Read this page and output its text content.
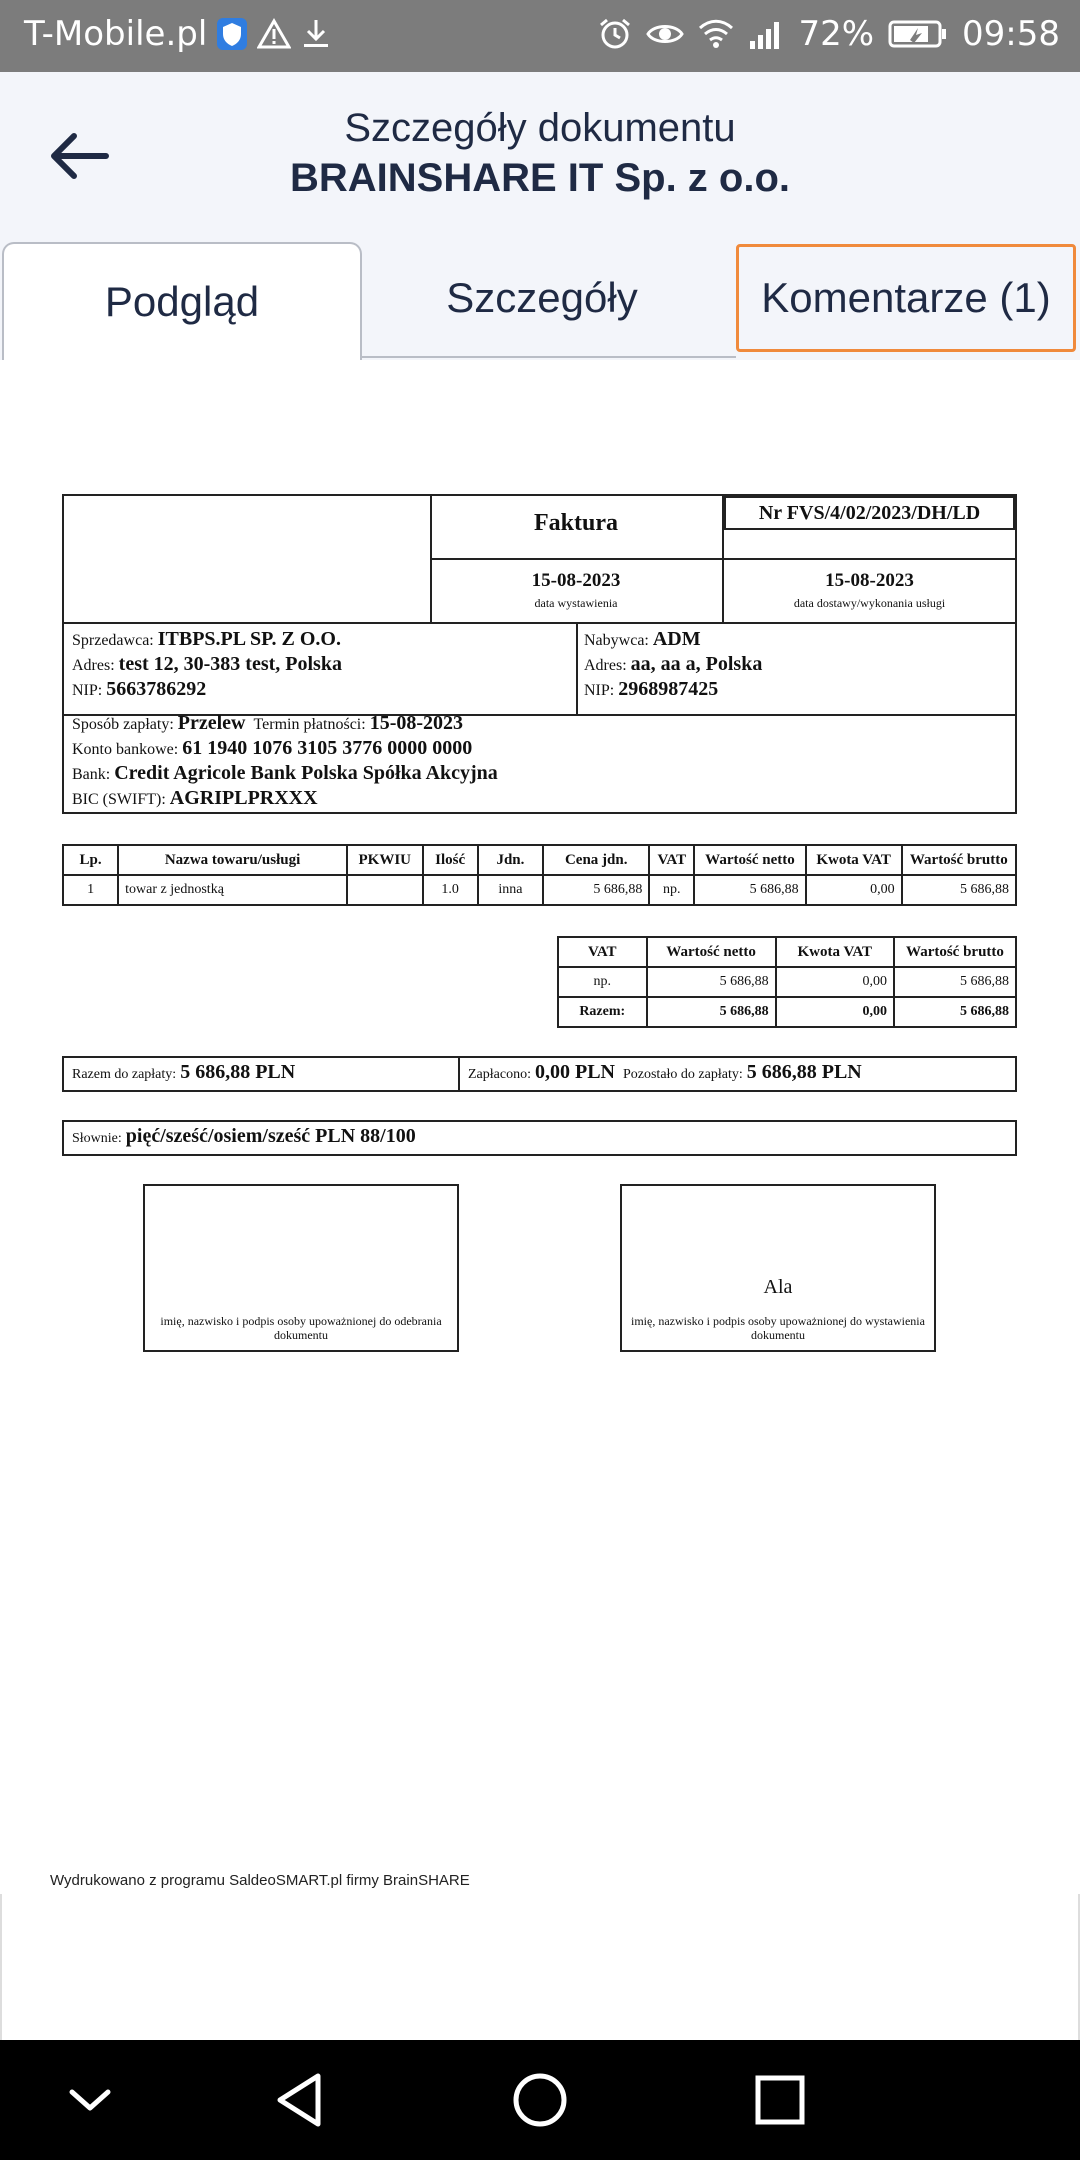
T-Mobile.pl	72%	09:58
Szczegóły dokumentu
BRAINSHARE IT Sp. z o.o.
Podgląd	Szczegóły	Komentarze (1)
Faktura	Nr FVS/4/02/2023/DH/LD
15-08-2023
data wystawienia
15-08-2023
data dostawy/wykonania usługi
Sprzedawca: ITBPS.PL SP. Z O.O.
Adres: test 12, 30-383 test, Polska
NIP: 5663786292
Nabywca: ADM
Adres: aa, aa a, Polska
NIP: 2968987425
Sposób zapłaty: Przelew Termin płatności: 15-08-2023
Konto bankowe: 61 1940 1076 3105 3776 0000 0000
Bank: Credit Agricole Bank Polska Spółka Akcyjna
BIC (SWIFT): AGRIPLPRXXX
Lp.	Nazwa towaru/usługi	PKWIU	Ilość	Jdn.	Cena jdn.	VAT	Wartość netto	Kwota VAT	Wartość brutto
1	towar z jednostką		1.0	inna	5 686,88	np.	5 686,88	0,00	5 686,88
VAT	Wartość netto	Kwota VAT	Wartość brutto
np.	5 686,88	0,00	5 686,88
Razem:	5 686,88	0,00	5 686,88
Razem do zapłaty: 5 686,88 PLN	Zapłacono: 0,00 PLN Pozostało do zapłaty: 5 686,88 PLN
Słownie: pięć/sześć/osiem/sześć PLN 88/100
imię, nazwisko i podpis osoby upoważnionej do odebrania dokumentu
Ala
imię, nazwisko i podpis osoby upoważnionej do wystawienia dokumentu
Wydrukowano z programu SaldeoSMART.pl firmy BrainSHARE
